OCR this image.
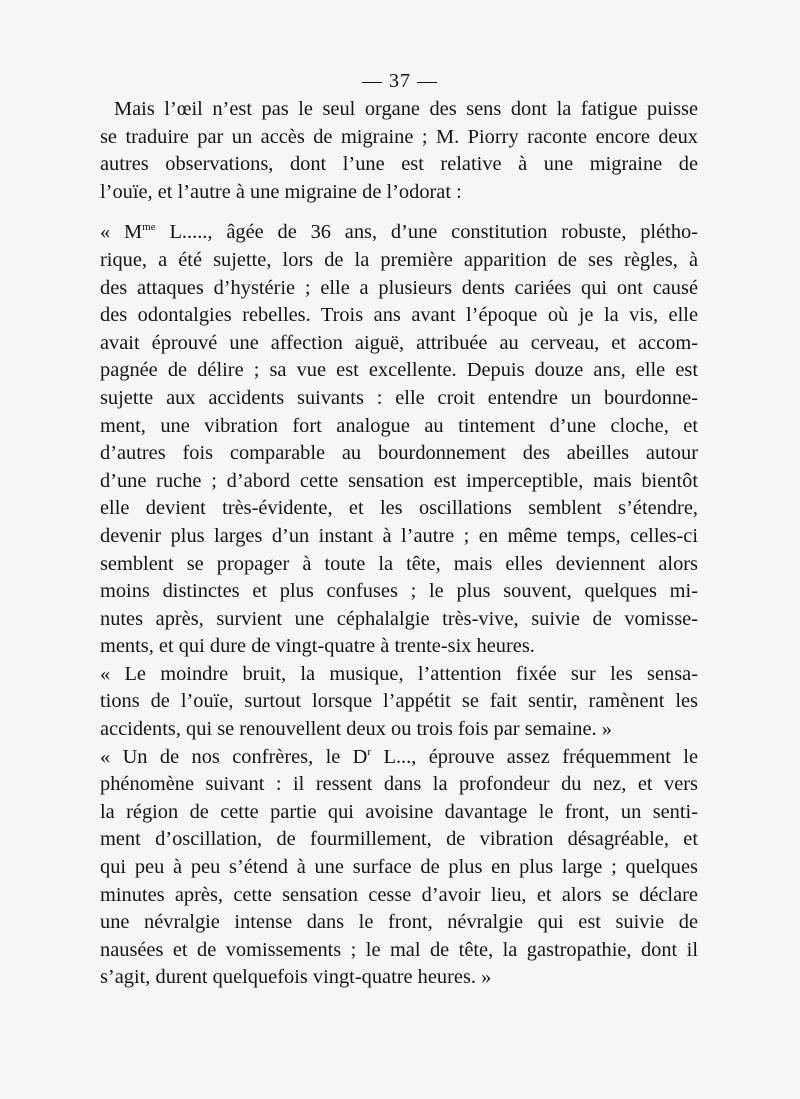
— 37 —
Mais l’œil n’est pas le seul organe des sens dont la fatigue puisse
se traduire par un accès de migraine ; M. Piorry raconte encore deux
autres observations, dont l’une est relative à une migraine de
l’ouïe, et l’autre à une migraine de l’odorat :
« $M^{me}$ L....., âgée de 36 ans, d’une constitution robuste, plétho-
rique, a été sujette, lors de la première apparition de ses règles, à
des attaques d’hystérie ; elle a plusieurs dents cariées qui ont causé
des odontalgies rebelles. Trois ans avant l’époque où je la vis, elle
avait éprouvé une affection aiguë, attribuée au cerveau, et accom-
pagnée de délire ; sa vue est excellente. Depuis douze ans, elle est
sujette aux accidents suivants : elle croit entendre un bourdonne-
ment, une vibration fort analogue au tintement d’une cloche, et
d’autres fois comparable au bourdonnement des abeilles autour
d’une ruche ; d’abord cette sensation est imperceptible, mais bientôt
elle devient très-évidente, et les oscillations semblent s’étendre,
devenir plus larges d’un instant à l’autre ; en même temps, celles-ci
semblent se propager à toute la tête, mais elles deviennent alors
moins distinctes et plus confuses ; le plus souvent, quelques mi-
nutes après, survient une céphalalgie très-vive, suivie de vomisse-
ments, et qui dure de vingt-quatre à trente-six heures.
« Le moindre bruit, la musique, l’attention fixée sur les sensa-
tions de l’ouïe, surtout lorsque l’appétit se fait sentir, ramènent les
accidents, qui se renouvellent deux ou trois fois par semaine. »
« Un de nos confrères, le $D^r$ L..., éprouve assez fréquemment le
phénomène suivant : il ressent dans la profondeur du nez, et vers
la région de cette partie qui avoisine davantage le front, un senti-
ment d’oscillation, de fourmillement, de vibration désagréable, et
qui peu à peu s’étend à une surface de plus en plus large ; quelques
minutes après, cette sensation cesse d’avoir lieu, et alors se déclare
une névralgie intense dans le front, névralgie qui est suivie de
nausées et de vomissements ; le mal de tête, la gastropathie, dont il
s’agit, durent quelquefois vingt-quatre heures. »
